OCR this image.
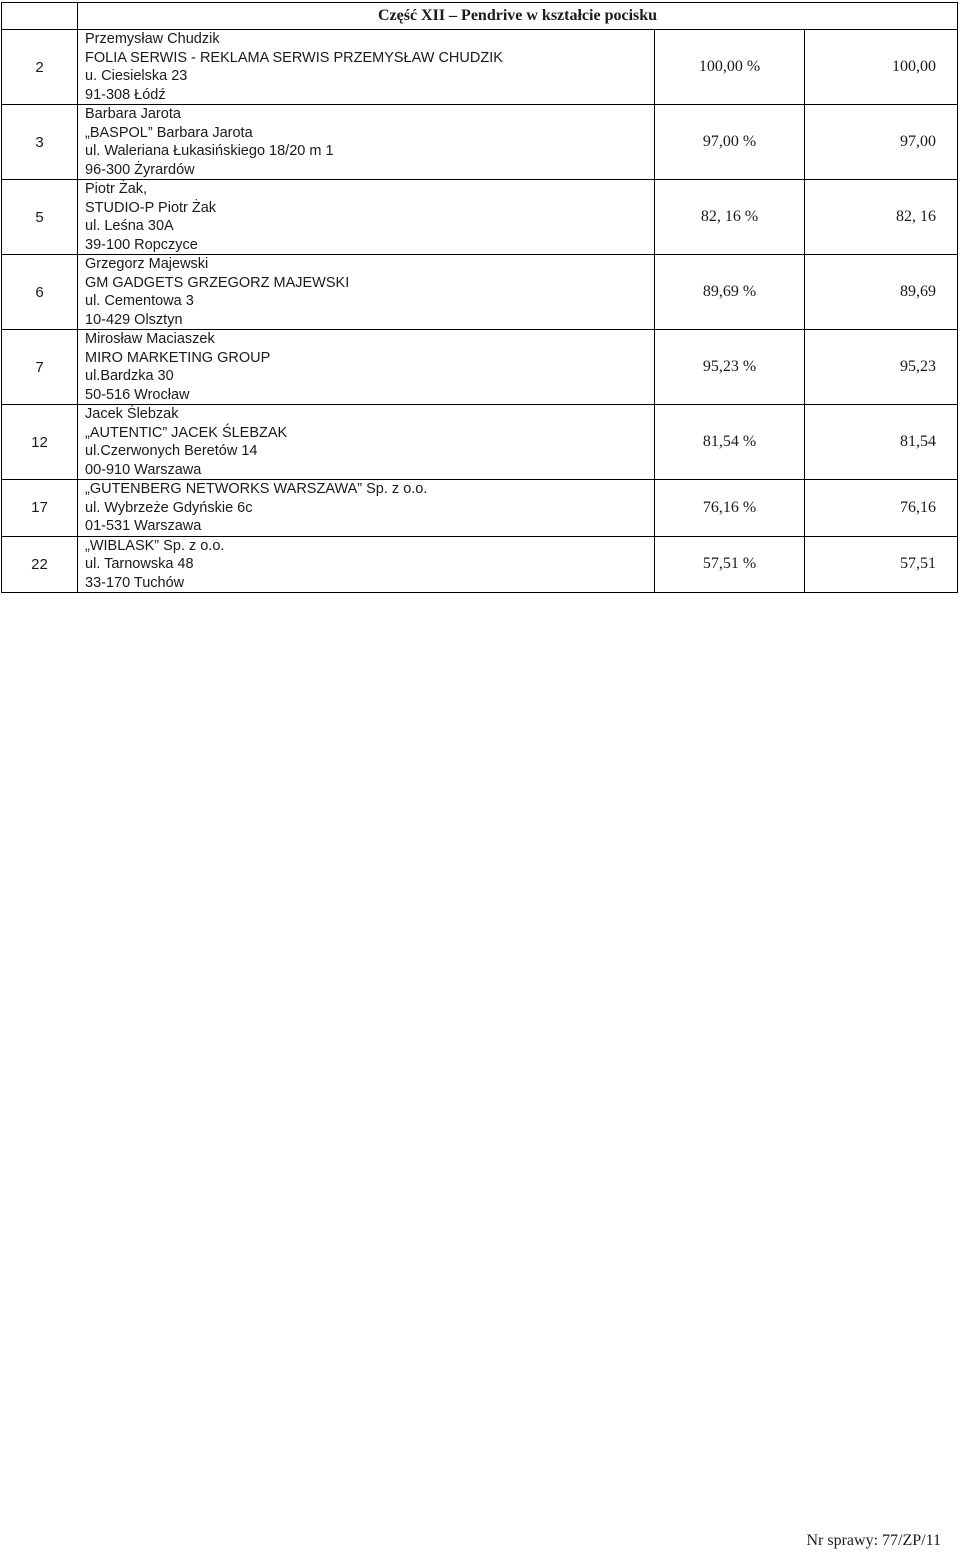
	Część XII – Pendrive w kształcie pocisku		
2	Przemysław Chudzik
FOLIA SERWIS - REKLAMA SERWIS PRZEMYSŁAW CHUDZIK
u. Ciesielska 23
91-308 Łódź	100,00 %	100,00
3	Barbara Jarota
„BASPOL” Barbara Jarota
ul. Waleriana Łukasińskiego 18/20 m 1
96-300 Żyrardów	97,00 %	97,00
5	Piotr Żak,
STUDIO-P Piotr Żak
ul. Leśna 30A
39-100 Ropczyce	82, 16 %	82, 16
6	Grzegorz Majewski
GM GADGETS GRZEGORZ MAJEWSKI
ul. Cementowa 3
10-429 Olsztyn	89,69 %	89,69
7	Mirosław Maciaszek
MIRO MARKETING GROUP
ul.Bardzka 30
50-516 Wrocław	95,23 %	95,23
12	Jacek Ślebzak
„AUTENTIC” JACEK ŚLEBZAK
ul.Czerwonych Beretów 14
00-910 Warszawa	81,54 %	81,54
17	„GUTENBERG NETWORKS WARSZAWA” Sp. z o.o.
ul. Wybrzeże Gdyńskie 6c
01-531 Warszawa	76,16 %	76,16
22	„WIBLASK” Sp. z o.o.
ul. Tarnowska 48
33-170 Tuchów	57,51 %	57,51
Nr sprawy: 77/ZP/11
